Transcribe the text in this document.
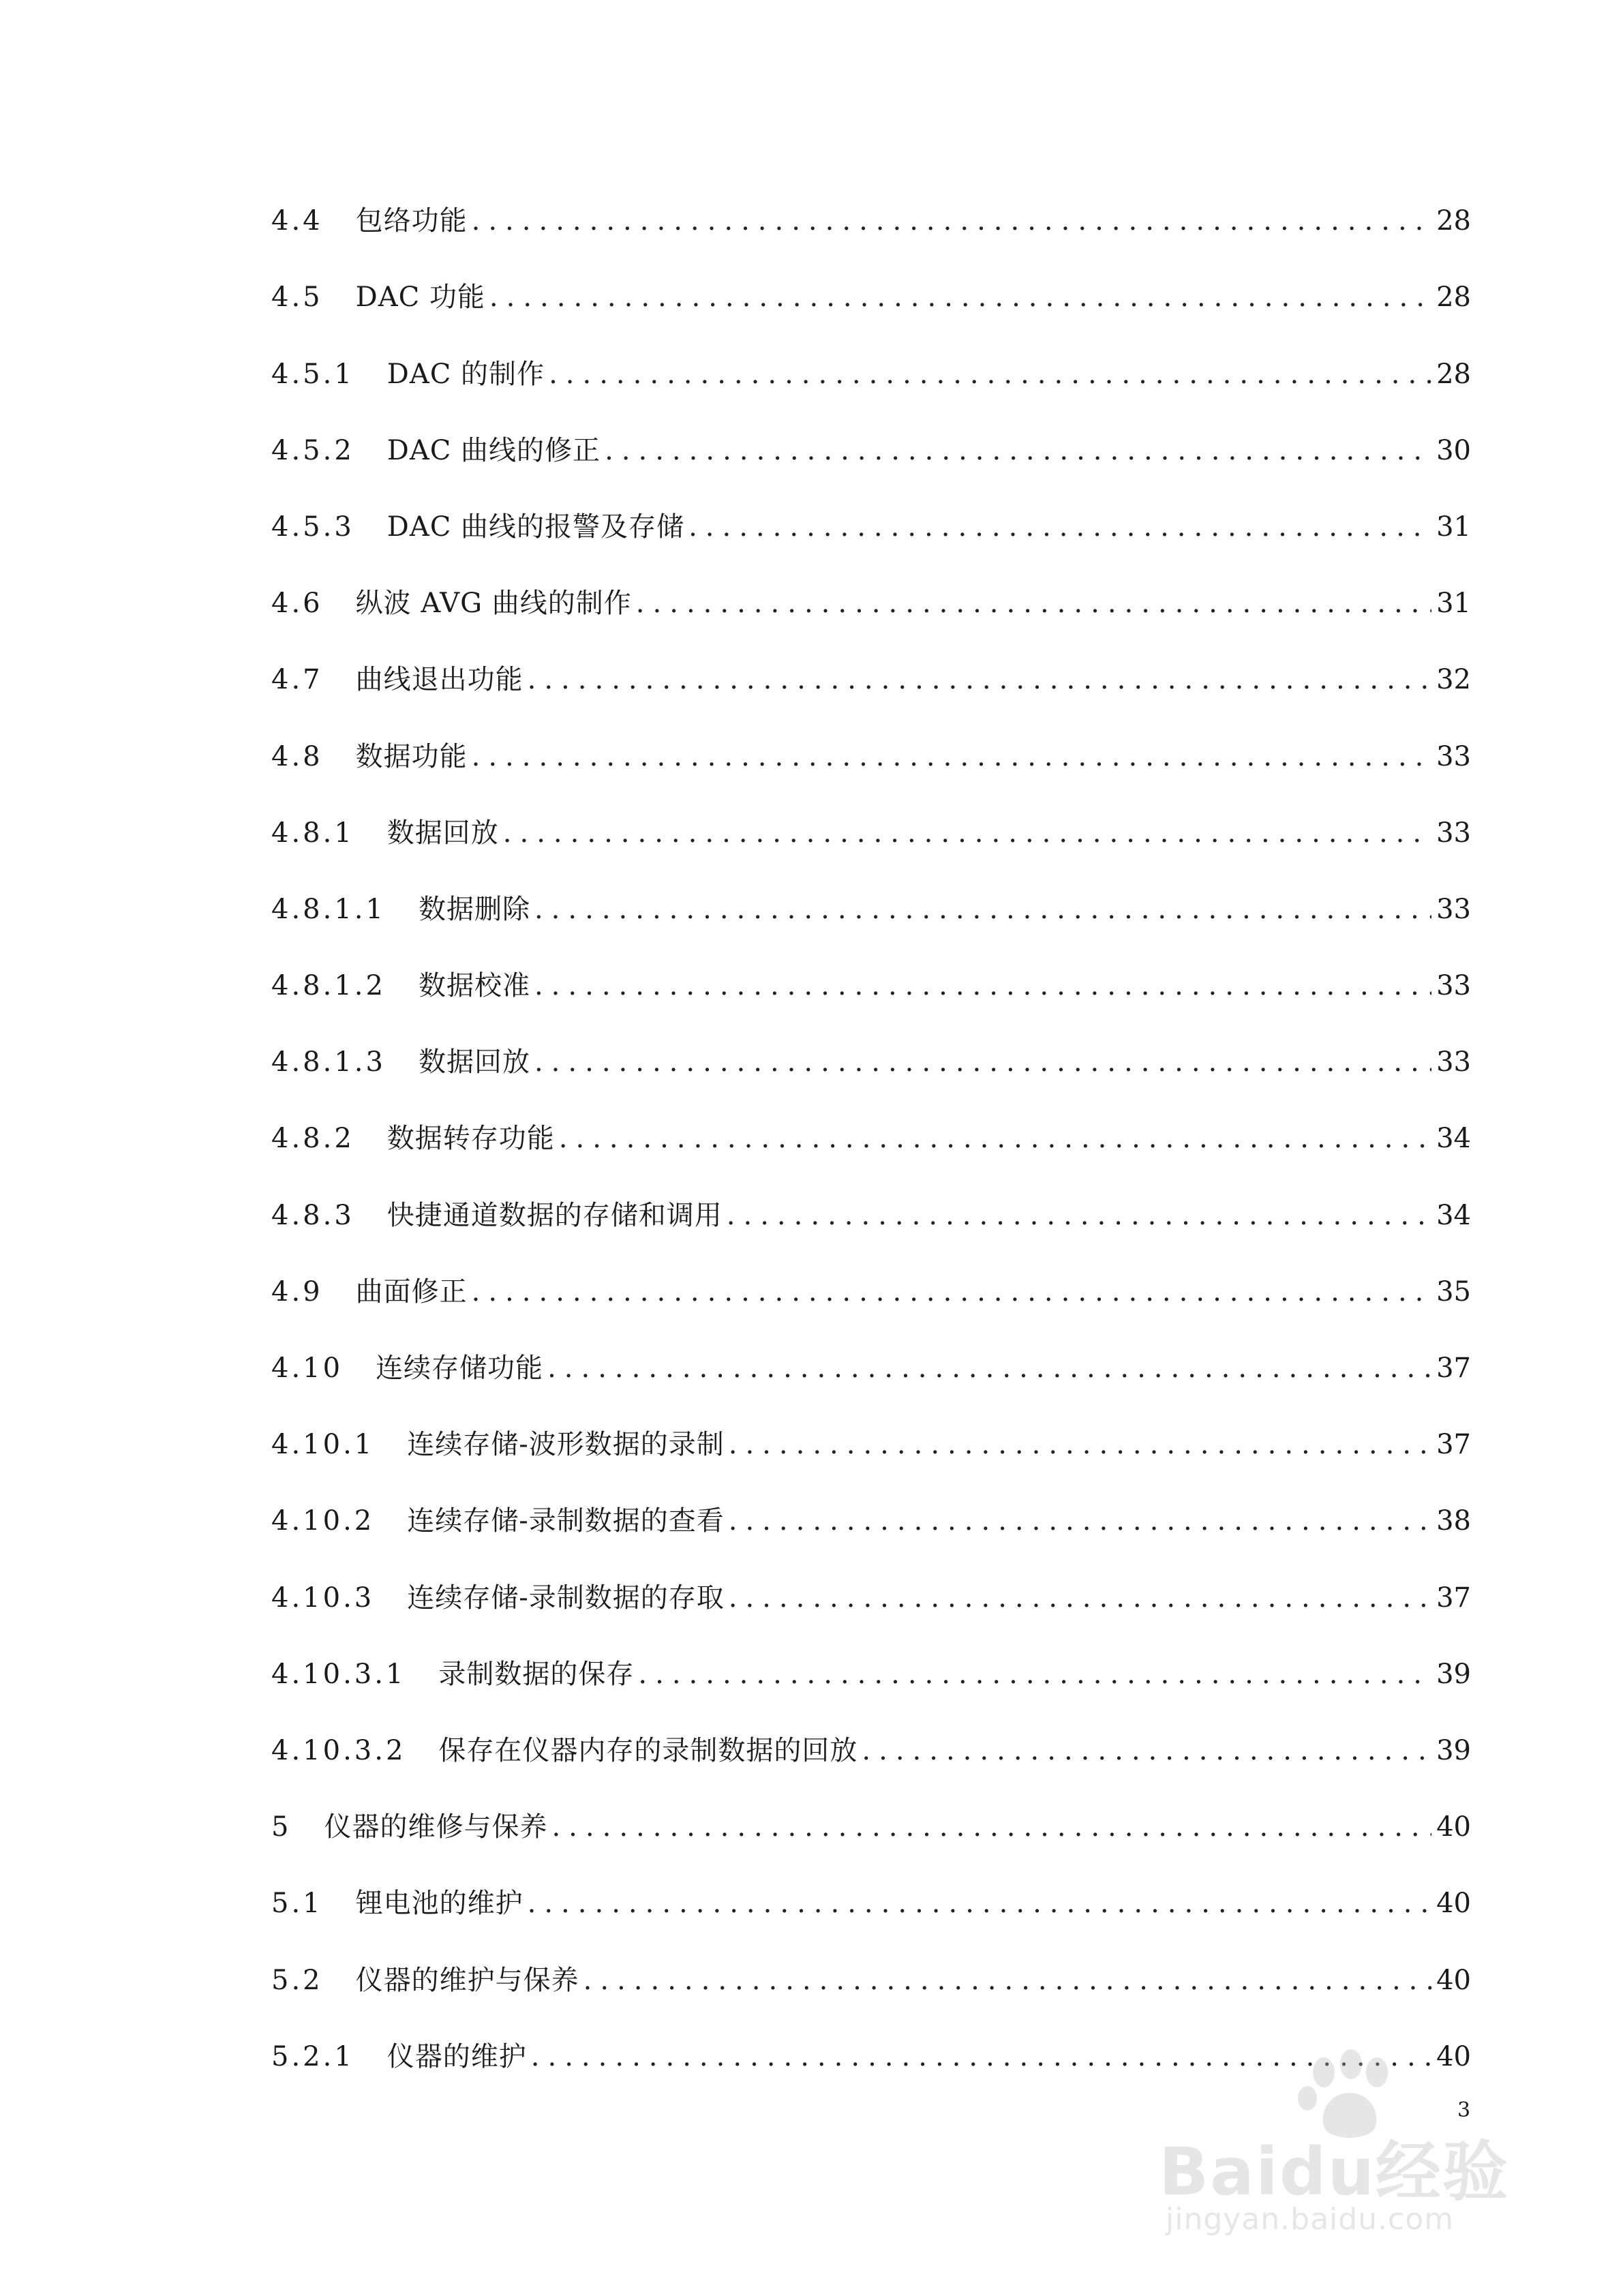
4.4 包络功能 .....	28
4.5 DAC 功能 .....	28
4.5.1 DAC 的制作 .....	28
4.5.2 DAC 曲线的修正 .....	30
4.5.3 DAC 曲线的报警及存储 .....	31
4.6 纵波 AVG 曲线的制作 .....	31
4.7 曲线退出功能 .....	32
4.8 数据功能 .....	33
4.8.1 数据回放 .....	33
4.8.1.1 数据删除 .....	33
4.8.1.2 数据校准 .....	33
4.8.1.3 数据回放 .....	33
4.8.2 数据转存功能 .....	34
4.8.3 快捷通道数据的存储和调用 .....	34
4.9 曲面修正 .....	35
4.10 连续存储功能 .....	37
4.10.1 连续存储-波形数据的录制 .....	37
4.10.2 连续存储-录制数据的查看 .....	38
4.10.3 连续存储-录制数据的存取 .....	37
4.10.3.1 录制数据的保存 .....	39
4.10.3.2 保存在仪器内存的录制数据的回放 .....	39
5 仪器的维修与保养 .....	40
5.1 锂电池的维护 .....	40
5.2 仪器的维护与保养 .....	40
5.2.1 仪器的维护 .....	40
3
Baidu经验
jingyan.baidu.com
